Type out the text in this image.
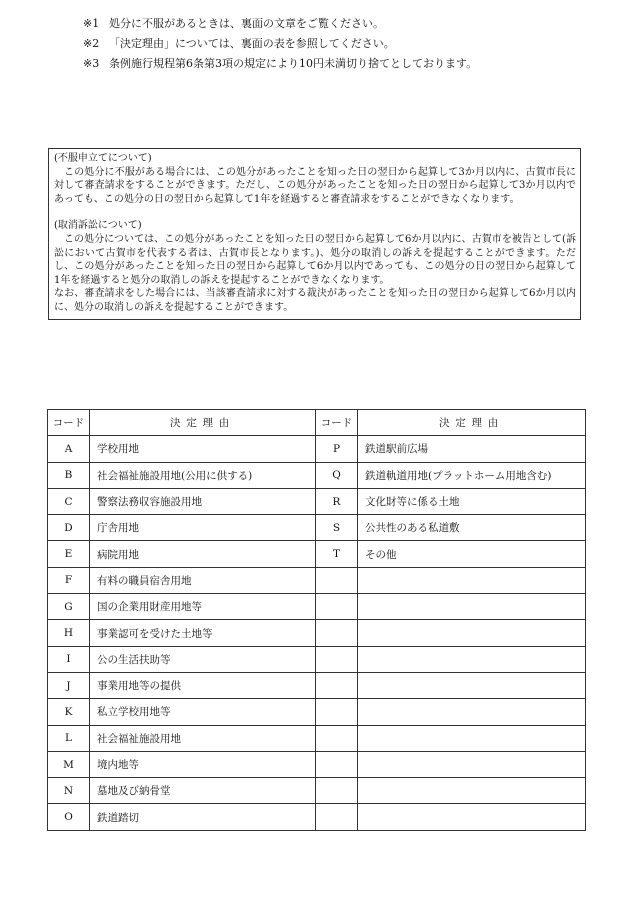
※1 処分に不服があるときは、裏面の文章をご覧ください。
※2 「決定理由」については、裏面の表を参照してください。
※3 条例施行規程第6条第3項の規定により10円未満切り捨てとしております。

(不服申立てについて)

この処分に不服がある場合には、この処分があったことを知った日の翌日から起算して3か月以内に、古賀市長に対して審査請求をすることができます。ただし、この処分があったことを知った日の翌日から起算して3か月以内であっても、この処分の日の翌日から起算して1年を経過すると審査請求をすることができなくなります。

(取消訴訟について)

この処分については、この処分があったことを知った日の翌日から起算して6か月以内に、古賀市を被告として(訴訟において古賀市を代表する者は、古賀市長となります。)、処分の取消しの訴えを提起することができます。ただし、この処分があったことを知った日の翌日から起算して6か月以内であっても、この処分の日の翌日から起算して1年を経過すると処分の取消しの訴えを提起することができなくなります。

なお、審査請求をした場合には、当該審査請求に対する裁決があったことを知った日の翌日から起算して6か月以内に、処分の取消しの訴えを提起することができます。

コード	決定理由	コード	決定理由
A	学校用地	P	鉄道駅前広場
B	社会福祉施設用地(公用に供する)	Q	鉄道軌道用地(プラットホーム用地含む)
C	警察法務収容施設用地	R	文化財等に係る土地
D	庁舎用地	S	公共性のある私道敷
E	病院用地	T	その他
F	有料の職員宿舎用地		
G	国の企業用財産用地等		
H	事業認可を受けた土地等		
I	公の生活扶助等		
J	事業用地等の提供		
K	私立学校用地等		
L	社会福祉施設用地		
M	境内地等		
N	墓地及び納骨堂		
O	鉄道踏切		
